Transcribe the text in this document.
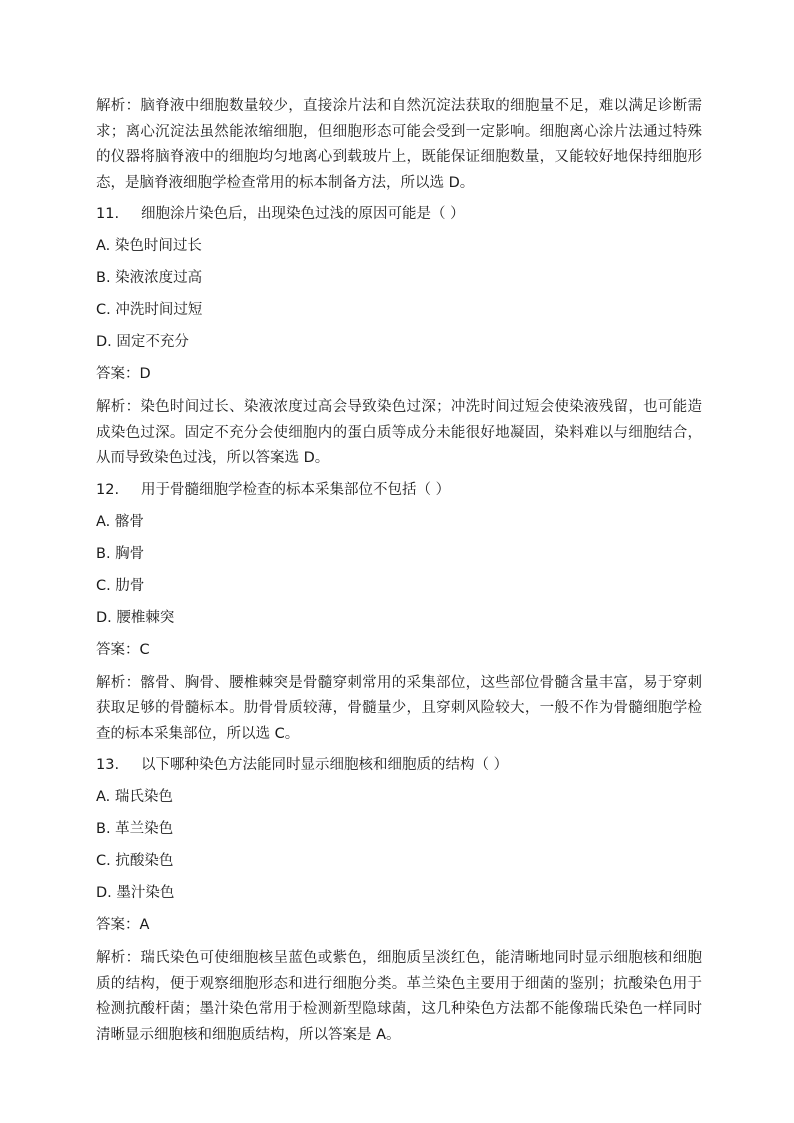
解析：脑脊液中细胞数量较少，直接涂片法和自然沉淀法获取的细胞量不足，难以满足诊断需求；离心沉淀法虽然能浓缩细胞，但细胞形态可能会受到一定影响。细胞离心涂片法通过特殊的仪器将脑脊液中的细胞均匀地离心到载玻片上，既能保证细胞数量，又能较好地保持细胞形态，是脑脊液细胞学检查常用的标本制备方法，所以选 D。

11. 细胞涂片染色后，出现染色过浅的原因可能是（ ）
A. 染色时间过长
B. 染液浓度过高
C. 冲洗时间过短
D. 固定不充分
答案：D

解析：染色时间过长、染液浓度过高会导致染色过深；冲洗时间过短会使染液残留，也可能造成染色过深。固定不充分会使细胞内的蛋白质等成分未能很好地凝固，染料难以与细胞结合，从而导致染色过浅，所以答案选 D。

12. 用于骨髓细胞学检查的标本采集部位不包括（ ）
A. 髂骨
B. 胸骨
C. 肋骨
D. 腰椎棘突
答案：C

解析：髂骨、胸骨、腰椎棘突是骨髓穿刺常用的采集部位，这些部位骨髓含量丰富，易于穿刺获取足够的骨髓标本。肋骨骨质较薄，骨髓量少，且穿刺风险较大，一般不作为骨髓细胞学检查的标本采集部位，所以选 C。

13. 以下哪种染色方法能同时显示细胞核和细胞质的结构（ ）
A. 瑞氏染色
B. 革兰染色
C. 抗酸染色
D. 墨汁染色
答案：A

解析：瑞氏染色可使细胞核呈蓝色或紫色，细胞质呈淡红色，能清晰地同时显示细胞核和细胞质的结构，便于观察细胞形态和进行细胞分类。革兰染色主要用于细菌的鉴别；抗酸染色用于检测抗酸杆菌；墨汁染色常用于检测新型隐球菌，这几种染色方法都不能像瑞氏染色一样同时清晰显示细胞核和细胞质结构，所以答案是 A。
